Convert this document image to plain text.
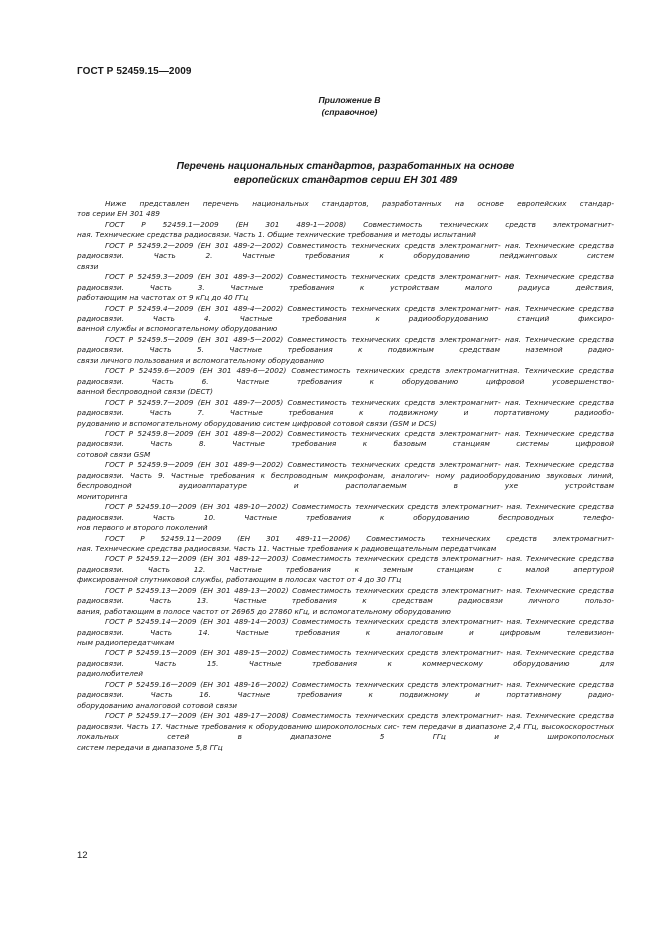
ГОСТ Р 52459.15—2009
Приложение В
(справочное)
Перечень национальных стандартов, разработанных на основе
европейских стандартов серии ЕН 301 489
Ниже представлен перечень национальных стандартов, разработанных на основе европейских стандар-
тов серии ЕН 301 489
ГОСТ Р 52459.1—2009 (ЕН 301 489-1—2008) Совместимость технических средств электромагнит-
ная. Технические средства радиосвязи. Часть 1. Общие технические требования и методы испытаний
ГОСТ Р 52459.2—2009 (ЕН 301 489-2—2002) Совместимость технических средств электромагнит- ная. Технические средства радиосвязи. Часть 2. Частные требования к оборудованию пейджинговых систем
связи
ГОСТ Р 52459.3—2009 (ЕН 301 489-3—2002) Совместимость технических средств электромагнит- ная. Технические средства радиосвязи. Часть 3. Частные требования к устройствам малого радиуса действия,
работающим на частотах от 9 кГц до 40 ГГц
ГОСТ Р 52459.4—2009 (ЕН 301 489-4—2002) Совместимость технических средств электромагнит- ная. Технические средства радиосвязи. Часть 4. Частные требования к радиооборудованию станций фиксиро-
ванной службы и вспомогательному оборудованию
ГОСТ Р 52459.5—2009 (ЕН 301 489-5—2002) Совместимость технических средств электромагнит- ная. Технические средства радиосвязи. Часть 5. Частные требования к подвижным средствам наземной радио-
связи личного пользования и вспомогательному оборудованию
ГОСТ Р 52459.6—2009 (ЕН 301 489-6—2002) Совместимость технических средств электромагнитная. Технические средства радиосвязи. Часть 6. Частные требования к оборудованию цифровой усовершенство-
ванной беспроводной связи (DECT)
ГОСТ Р 52459.7—2009 (ЕН 301 489-7—2005) Совместимость технических средств электромагнит- ная. Технические средства радиосвязи. Часть 7. Частные требования к подвижному и портативному радиообо-
рудованию и вспомогательному оборудованию систем цифровой сотовой связи (GSM и DCS)
ГОСТ Р 52459.8—2009 (ЕН 301 489-8—2002) Совместимость технических средств электромагнит- ная. Технические средства радиосвязи. Часть 8. Частные требования к базовым станциям системы цифровой
сотовой связи GSM
ГОСТ Р 52459.9—2009 (ЕН 301 489-9—2002) Совместимость технических средств электромагнит- ная. Технические средства радиосвязи. Часть 9. Частные требования к беспроводным микрофонам, аналогич- ному радиооборудованию звуковых линий, беспроводной аудиоаппаратуре и располагаемым в ухе устройствам
мониторинга
ГОСТ Р 52459.10—2009 (ЕН 301 489-10—2002) Совместимость технических средств электромагнит- ная. Технические средства радиосвязи. Часть 10. Частные требования к оборудованию беспроводных телефо-
нов первого и второго поколений
ГОСТ Р 52459.11—2009 (ЕН 301 489-11—2006) Совместимость технических средств электромагнит-
ная. Технические средства радиосвязи. Часть 11. Частные требования к радиовещательным передатчикам
ГОСТ Р 52459.12—2009 (ЕН 301 489-12—2003) Совместимость технических средств электромагнит- ная. Технические средства радиосвязи. Часть 12. Частные требования к земным станциям с малой апертурой
фиксированной спутниковой службы, работающим в полосах частот от 4 до 30 ГГц
ГОСТ Р 52459.13—2009 (ЕН 301 489-13—2002) Совместимость технических средств электромагнит- ная. Технические средства радиосвязи. Часть 13. Частные требования к средствам радиосвязи личного пользо-
вания, работающим в полосе частот от 26965 до 27860 кГц, и вспомогательному оборудованию
ГОСТ Р 52459.14—2009 (ЕН 301 489-14—2003) Совместимость технических средств электромагнит- ная. Технические средства радиосвязи. Часть 14. Частные требования к аналоговым и цифровым телевизион-
ным радиопередатчикам
ГОСТ Р 52459.15—2009 (ЕН 301 489-15—2002) Совместимость технических средств электромагнит- ная. Технические средства радиосвязи. Часть 15. Частные требования к коммерческому оборудованию для
радиолюбителей
ГОСТ Р 52459.16—2009 (ЕН 301 489-16—2002) Совместимость технических средств электромагнит- ная. Технические средства радиосвязи. Часть 16. Частные требования к подвижному и портативному радио-
оборудованию аналоговой сотовой связи
ГОСТ Р 52459.17—2009 (ЕН 301 489-17—2008) Совместимость технических средств электромагнит- ная. Технические средства радиосвязи. Часть 17. Частные требования к оборудованию широкополосных сис- тем передачи в диапазоне 2,4 ГГц, высокоскоростных локальных сетей в диапазоне 5 ГГц и широкополосных
систем передачи в диапазоне 5,8 ГГц
12
